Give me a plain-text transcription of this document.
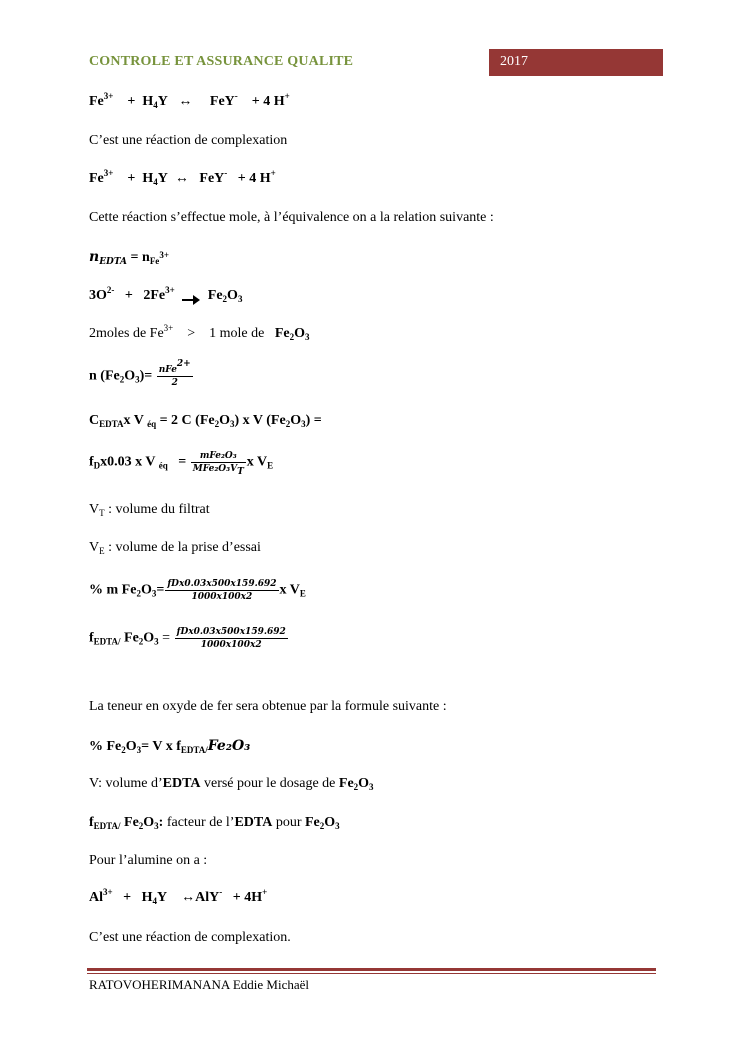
CONTROLE ET ASSURANCE QUALITE	2017
$Fe^{3+} + H_4Y$ ↔ FeY- + 4 H+
C’est une réaction de complexation
$Fe^{3+} + H_4Y$ ↔ FeY- + 4 H+
Cette réaction s’effectue mole, à l’équivalence on a la relation suivante :
$n_{EDTA} = n_{Fe^{3+}}$
$3O^{2-} + 2Fe^{3+}$ $Fe_2O_3$
2moles de $Fe^{3+} > 1$ mole de $Fe_2O_3$
n $(Fe_2O_3)= \frac{nFe^{2+}}{2}$
$C_{EDTA}x$ V $_{éq}$ = 2 C $(Fe_2O_3)$ x V $(Fe_2O_3)$ =
$f_Dx0.03$ x V $_{éq} = \frac{\text{mFe₂O₃}}{MFe_2O_3V_T}$ x $V_E$
$V_T$ : volume du filtrat
$V_E$ : volume de la prise d’essai
% m $Fe_2O_3= \frac{\text{fDx0.03x500x159.692}}{1000x100x2}$ x $V_E$
$f_{EDTA/}$ $Fe_2O_3 = \frac{\text{fDx0.03x500x159.692}}{1000x100x2}$
La teneur en oxyde de fer sera obtenue par la formule suivante :
% $Fe_2O_3= V$ x $f_{EDTA/}Fe_2O_3$
V: volume d’EDTA versé pour le dosage de $Fe_2O_3$
$f_{EDTA/}$ $Fe_2O_3$: facteur de l’EDTA pour $Fe_2O_3$
Pour l’alumine on a :
$Al^{3+} + H_4Y$ ↔AlY- + 4H+
C’est une réaction de complexation.
RATOVOHERIMANANA Eddie Michaël
